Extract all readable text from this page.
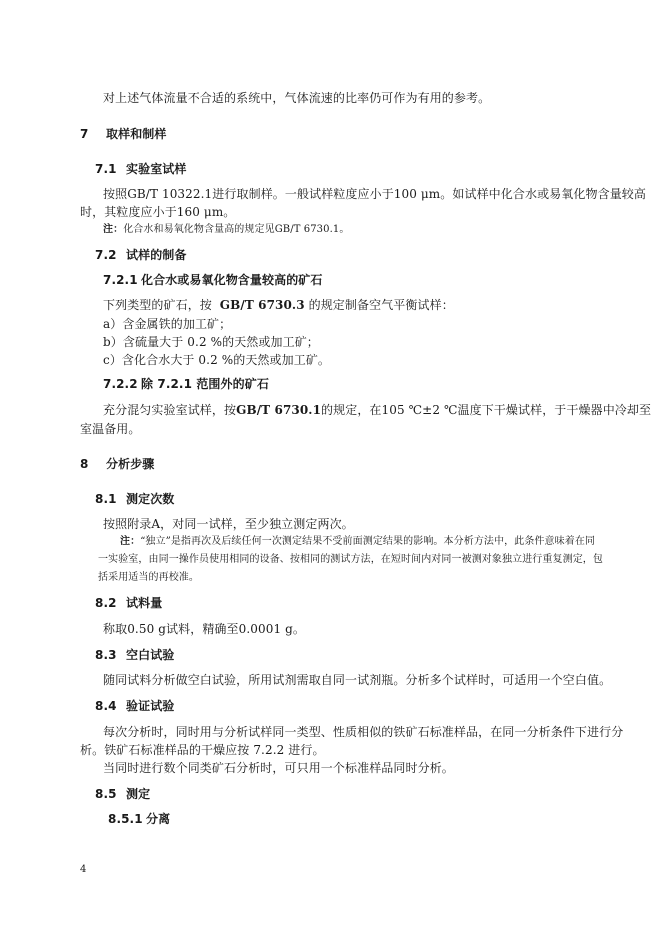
对上述气体流量不合适的系统中，气体流速的比率仍可作为有用的参考。

7 取样和制样
7.1 实验室试样

按照GB/T 10322.1进行取制样。一般试样粒度应小于100 μm。如试样中化合水或易氧化物含量较高

时，其粒度应小于160 μm。

注：化合水和易氧化物含量高的规定见GB/T 6730.1。

7.2 试样的制备
7.2.1 化合水或易氧化物含量较高的矿石

下列类型的矿石，按 GB/T 6730.3 的规定制备空气平衡试样：

a）含金属铁的加工矿；

b）含硫量大于 0.2 %的天然或加工矿；

c）含化合水大于 0.2 %的天然或加工矿。

7.2.2 除 7.2.1 范围外的矿石

充分混匀实验室试样，按GB/T 6730.1的规定，在105 ℃±2 ℃温度下干燥试样，于干燥器中冷却至

室温备用。

8 分析步骤
8.1 测定次数

按照附录A，对同一试样，至少独立测定两次。

注：“独立”是指再次及后续任何一次测定结果不受前面测定结果的影响。本分析方法中，此条件意味着在同

一实验室，由同一操作员使用相同的设备、按相同的测试方法，在短时间内对同一被测对象独立进行重复测定，包

括采用适当的再校准。

8.2 试料量

称取0.50 g试料，精确至0.0001 g。

8.3 空白试验

随同试料分析做空白试验，所用试剂需取自同一试剂瓶。分析多个试样时，可适用一个空白值。

8.4 验证试验

每次分析时，同时用与分析试样同一类型、性质相似的铁矿石标准样品，在同一分析条件下进行分

析。铁矿石标准样品的干燥应按 7.2.2 进行。

当同时进行数个同类矿石分析时，可只用一个标准样品同时分析。

8.5 测定
8.5.1 分离
4
